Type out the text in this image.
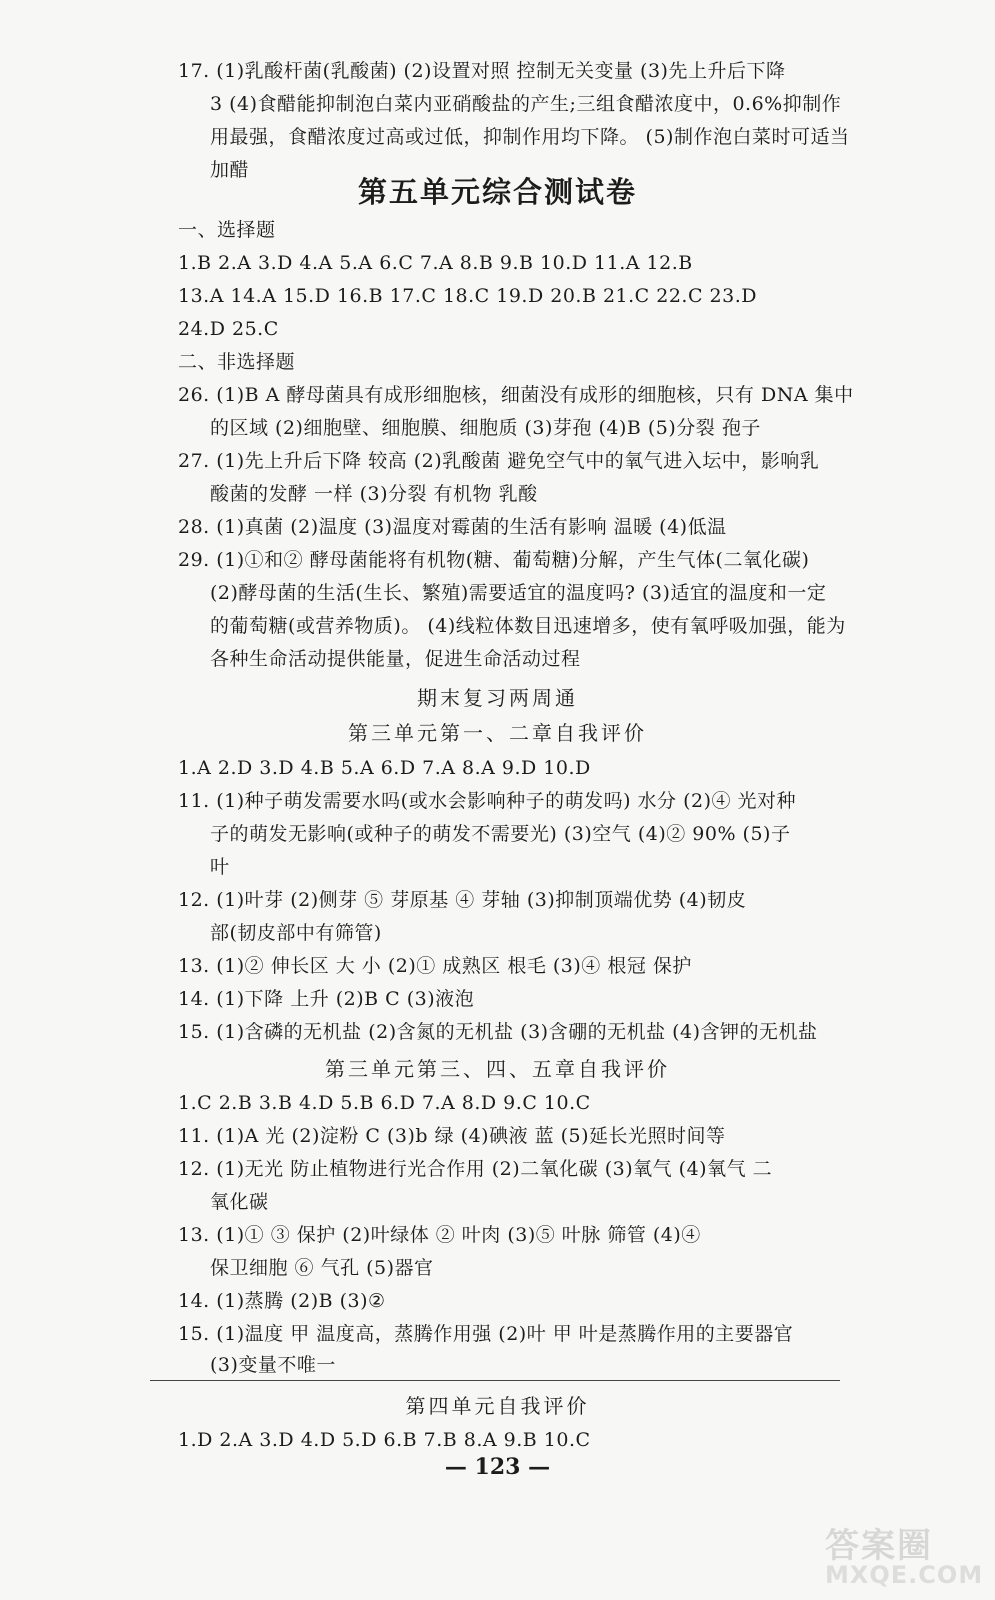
17. (1)乳酸杆菌(乳酸菌) (2)设置对照 控制无关变量 (3)先上升后下降
3 (4)食醋能抑制泡白菜内亚硝酸盐的产生;三组食醋浓度中，0.6%抑制作
用最强，食醋浓度过高或过低，抑制作用均下降。 (5)制作泡白菜时可适当
加醋
第五单元综合测试卷
一、选择题
1.B 2.A 3.D 4.A 5.A 6.C 7.A 8.B 9.B 10.D 11.A 12.B
13.A 14.A 15.D 16.B 17.C 18.C 19.D 20.B 21.C 22.C 23.D
24.D 25.C
二、非选择题
26. (1)B A 酵母菌具有成形细胞核，细菌没有成形的细胞核，只有 DNA 集中
的区域 (2)细胞壁、细胞膜、细胞质 (3)芽孢 (4)B (5)分裂 孢子
27. (1)先上升后下降 较高 (2)乳酸菌 避免空气中的氧气进入坛中，影响乳
酸菌的发酵 一样 (3)分裂 有机物 乳酸
28. (1)真菌 (2)温度 (3)温度对霉菌的生活有影响 温暖 (4)低温
29. (1)①和② 酵母菌能将有机物(糖、葡萄糖)分解，产生气体(二氧化碳)
(2)酵母菌的生活(生长、繁殖)需要适宜的温度吗? (3)适宜的温度和一定
的葡萄糖(或营养物质)。 (4)线粒体数目迅速增多，使有氧呼吸加强，能为
各种生命活动提供能量，促进生命活动过程
期末复习两周通
第三单元第一、二章自我评价
1.A 2.D 3.D 4.B 5.A 6.D 7.A 8.A 9.D 10.D
11. (1)种子萌发需要水吗(或水会影响种子的萌发吗) 水分 (2)④ 光对种
子的萌发无影响(或种子的萌发不需要光) (3)空气 (4)② 90% (5)子
叶
12. (1)叶芽 (2)侧芽 ⑤ 芽原基 ④ 芽轴 (3)抑制顶端优势 (4)韧皮
部(韧皮部中有筛管)
13. (1)② 伸长区 大 小 (2)① 成熟区 根毛 (3)④ 根冠 保护
14. (1)下降 上升 (2)B C (3)液泡
15. (1)含磷的无机盐 (2)含氮的无机盐 (3)含硼的无机盐 (4)含钾的无机盐
第三单元第三、四、五章自我评价
1.C 2.B 3.B 4.D 5.B 6.D 7.A 8.D 9.C 10.C
11. (1)A 光 (2)淀粉 C (3)b 绿 (4)碘液 蓝 (5)延长光照时间等
12. (1)无光 防止植物进行光合作用 (2)二氧化碳 (3)氧气 (4)氧气 二
氧化碳
13. (1)① ③ 保护 (2)叶绿体 ② 叶肉 (3)⑤ 叶脉 筛管 (4)④
保卫细胞 ⑥ 气孔 (5)器官
14. (1)蒸腾 (2)B (3)②
15. (1)温度 甲 温度高，蒸腾作用强 (2)叶 甲 叶是蒸腾作用的主要器官
(3)变量不唯一
第四单元自我评价
1.D 2.A 3.D 4.D 5.D 6.B 7.B 8.A 9.B 10.C
— 123 —
答案圈
MXQE.COM
